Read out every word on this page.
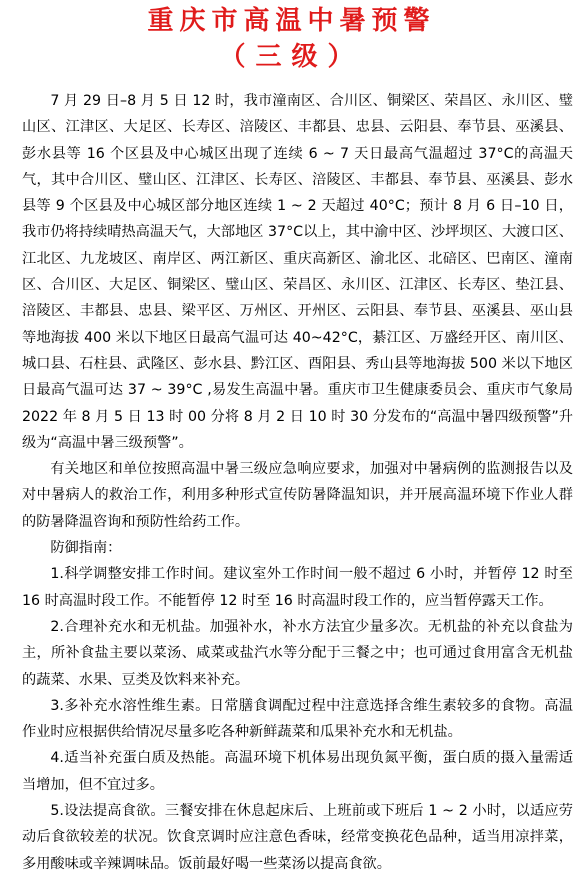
重庆市高温中暑预警
（三级）

7 月 29 日–8 月 5 日 12 时，我市潼南区、合川区、铜梁区、荣昌区、永川区、璧山区、江津区、大足区、长寿区、涪陵区、丰都县、忠县、云阳县、奉节县、巫溪县、彭水县等 16 个区县及中心城区出现了连续 6 ~ 7 天日最高气温超过 37°C的高温天气，其中合川区、璧山区、江津区、长寿区、涪陵区、丰都县、奉节县、巫溪县、彭水县等 9 个区县及中心城区部分地区连续 1 ~ 2 天超过 40°C；预计 8 月 6 日–10 日，我市仍将持续晴热高温天气，大部地区 37°C以上，其中渝中区、沙坪坝区、大渡口区、江北区、九龙坡区、南岸区、两江新区、重庆高新区、渝北区、北碚区、巴南区、潼南区、合川区、大足区、铜梁区、璧山区、荣昌区、永川区、江津区、长寿区、垫江县、涪陵区、丰都县、忠县、梁平区、万州区、开州区、云阳县、奉节县、巫溪县、巫山县等地海拔 400 米以下地区日最高气温可达 40~42°C，綦江区、万盛经开区、南川区、城口县、石柱县、武隆区、彭水县、黔江区、酉阳县、秀山县等地海拔 500 米以下地区日最高气温可达 37 ~ 39°C ,易发生高温中暑。重庆市卫生健康委员会、重庆市气象局 2022 年 8 月 5 日 13 时 00 分将 8 月 2 日 10 时 30 分发布的“高温中暑四级预警”升级为“高温中暑三级预警”。

有关地区和单位按照高温中暑三级应急响应要求，加强对中暑病例的监测报告以及对中暑病人的救治工作，利用多种形式宣传防暑降温知识，并开展高温环境下作业人群的防暑降温咨询和预防性给药工作。

防御指南：

1.科学调整安排工作时间。建议室外工作时间一般不超过 6 小时，并暂停 12 时至 16 时高温时段工作。不能暂停 12 时至 16 时高温时段工作的，应当暂停露天工作。

2.合理补充水和无机盐。加强补水，补水方法宜少量多次。无机盐的补充以食盐为主，所补食盐主要以菜汤、咸菜或盐汽水等分配于三餐之中；也可通过食用富含无机盐的蔬菜、水果、豆类及饮料来补充。

3.多补充水溶性维生素。日常膳食调配过程中注意选择含维生素较多的食物。高温作业时应根据供给情况尽量多吃各种新鲜蔬菜和瓜果补充水和无机盐。

4.适当补充蛋白质及热能。高温环境下机体易出现负氮平衡，蛋白质的摄入量需适当增加，但不宜过多。

5.设法提高食欲。三餐安排在休息起床后、上班前或下班后 1 ~ 2 小时，以适应劳动后食欲较差的状况。饮食烹调时应注意色香味，经常变换花色品种，适当用凉拌菜，多用酸味或辛辣调味品。饭前最好喝一些菜汤以提高食欲。
